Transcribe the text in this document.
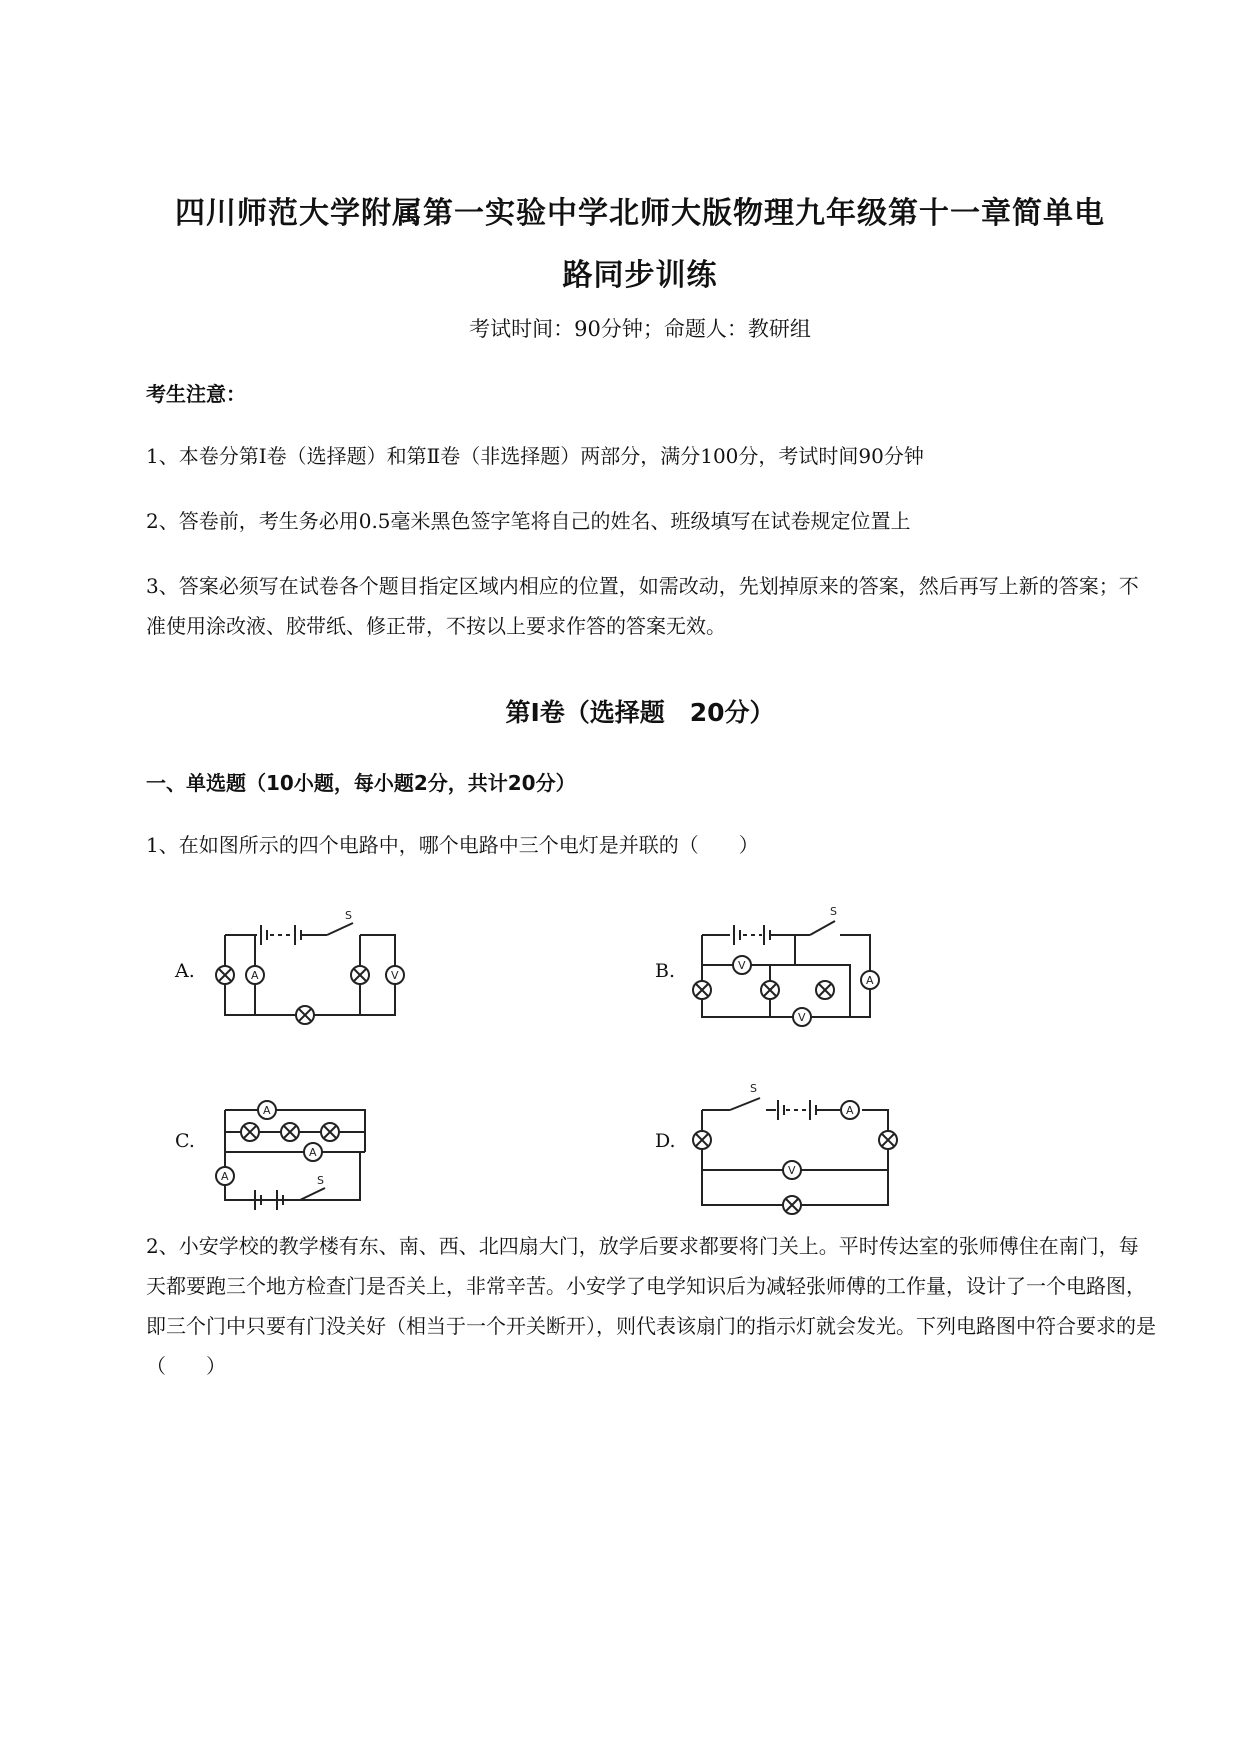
四川师范大学附属第一实验中学北师大版物理九年级第十一章简单电
路同步训练
考试时间：90分钟；命题人：教研组
考生注意：
1、本卷分第Ⅰ卷（选择题）和第Ⅱ卷（非选择题）两部分，满分100分，考试时间90分钟
2、答卷前，考生务必用0.5毫米黑色签字笔将自己的姓名、班级填写在试卷规定位置上
3、答案必须写在试卷各个题目指定区域内相应的位置，如需改动，先划掉原来的答案，然后再写上新的答案；不准使用涂改液、胶带纸、修正带，不按以上要求作答的答案无效。
第Ⅰ卷（选择题　20分）
一、单选题（10小题，每小题2分，共计20分）
1、在如图所示的四个电路中，哪个电路中三个电灯是并联的（　　）
A.
S
A	V	B.
S
V
A
V
C.
A
A
A	S
D.
S
A
V
2、小安学校的教学楼有东、南、西、北四扇大门，放学后要求都要将门关上。平时传达室的张师傅住在南门，每天都要跑三个地方检查门是否关上，非常辛苦。小安学了电学知识后为减轻张师傅的工作量，设计了一个电路图，即三个门中只要有门没关好（相当于一个开关断开），则代表该扇门的指示灯就会发光。下列电路图中符合要求的是（　　）
